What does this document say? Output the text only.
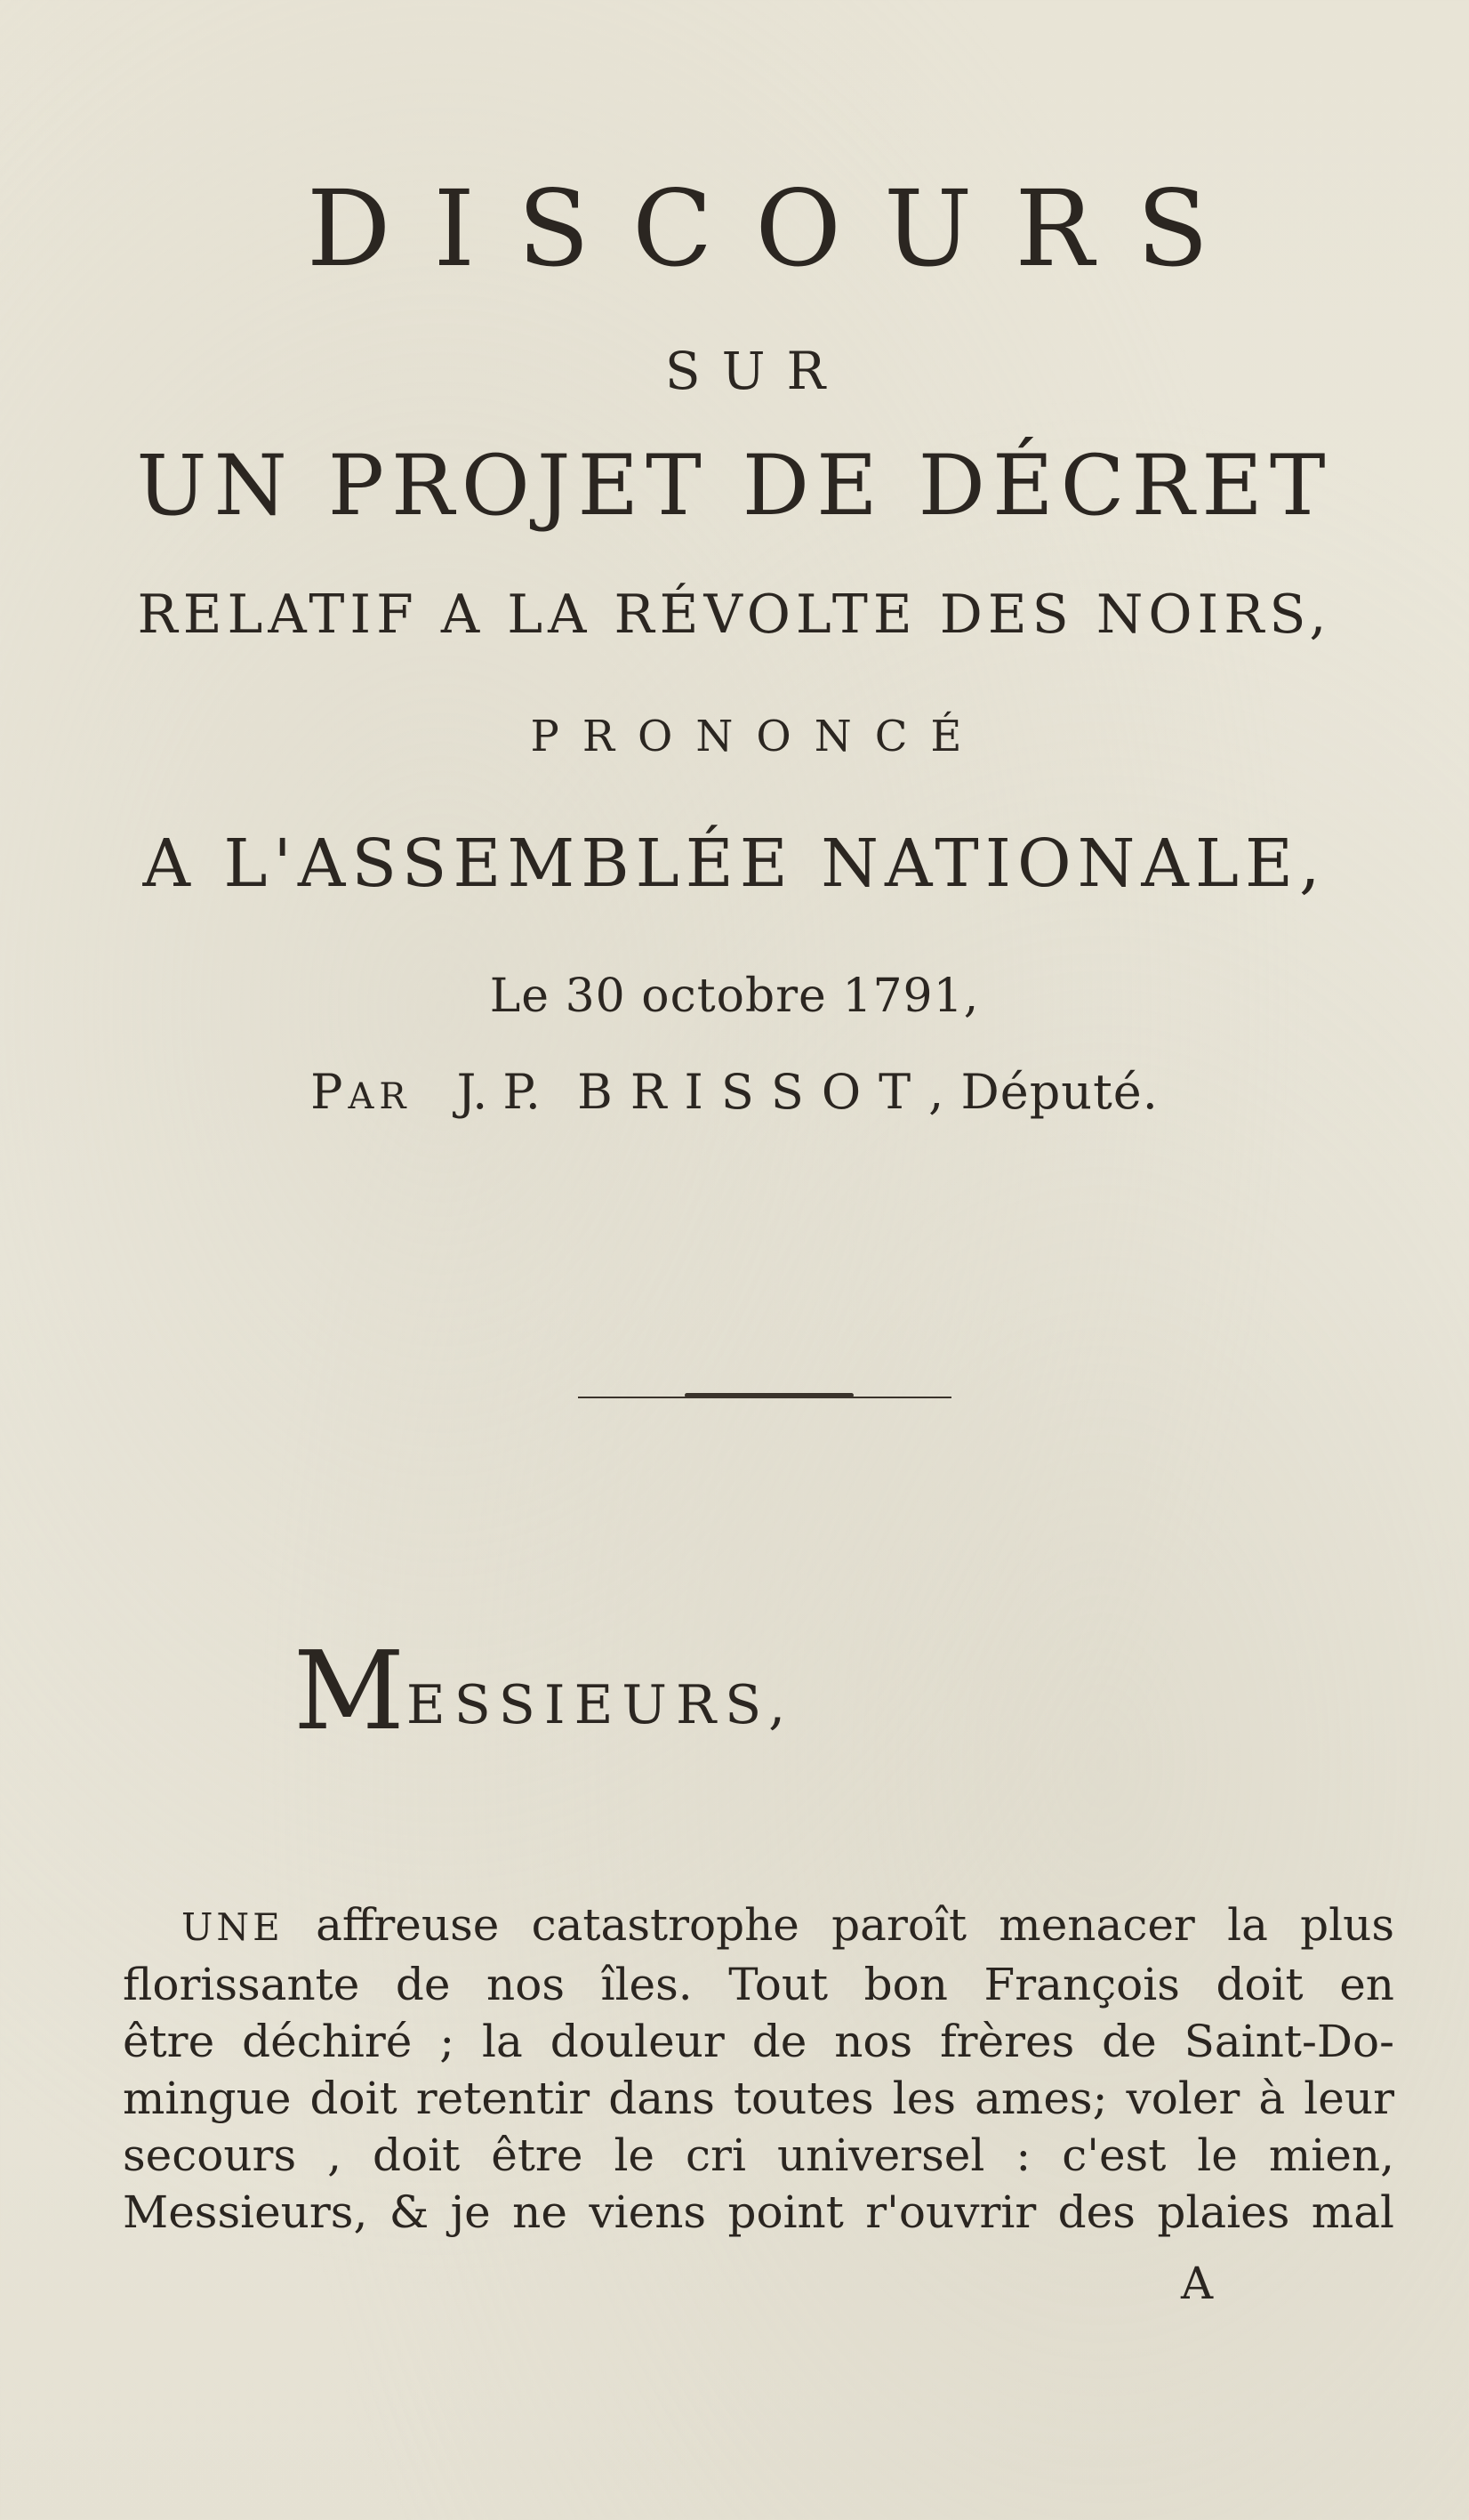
DISCOURS
SUR
UN PROJET DE DÉCRET
RELATIF A LA RÉVOLTE DES NOIRS,
PRONONCÉ
A L'ASSEMBLÉE NATIONALE,
Le 30 octobre 1791,
PAR J. P. BRISSOT, Député.
MESSIEURS,
UNE affreuse catastrophe paroît menacer la plus
florissante de nos îles. Tout bon François doit en
être déchiré ; la douleur de nos frères de Saint-Do-
mingue doit retentir dans toutes les ames; voler à leur
secours , doit être le cri universel : c'est le mien,
Messieurs, & je ne viens point r'ouvrir des plaies mal
A
